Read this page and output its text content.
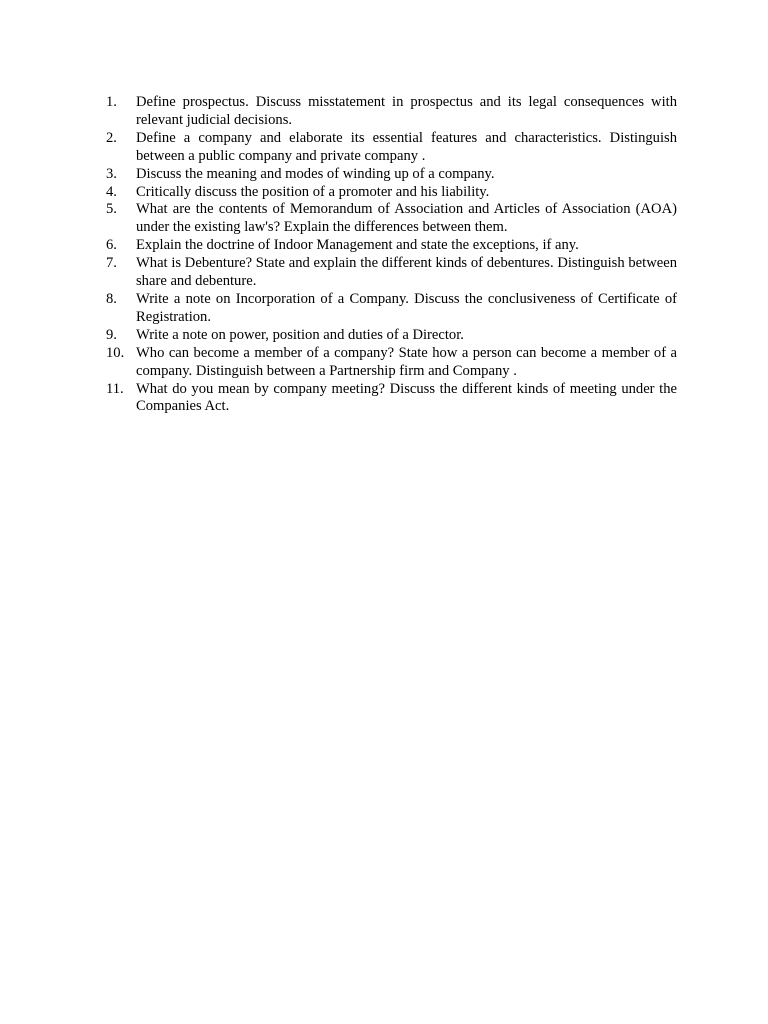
1.	Define prospectus. Discuss misstatement in prospectus and its legal consequences with relevant judicial decisions.
2.	Define a company and elaborate its essential features and characteristics. Distinguish between a public company and private company .
3.	Discuss the meaning and modes of winding up of a company.
4.	Critically discuss the position of a promoter and his liability.
5.	What are the contents of Memorandum of Association and Articles of Association (AOA) under the existing law's? Explain the differences between them.
6.	Explain the doctrine of Indoor Management and state the exceptions, if any.
7.	What is Debenture? State and explain the different kinds of debentures. Distinguish between share and debenture.
8.	Write a note on Incorporation of a Company. Discuss the conclusiveness of Certificate of Registration.
9.	Write a note on power, position and duties of a Director.
10. Who can become a member of a company? State how a person can become a member of a company. Distinguish between a Partnership firm and Company .
11. What do you mean by company meeting? Discuss the different kinds of meeting under the Companies Act.
